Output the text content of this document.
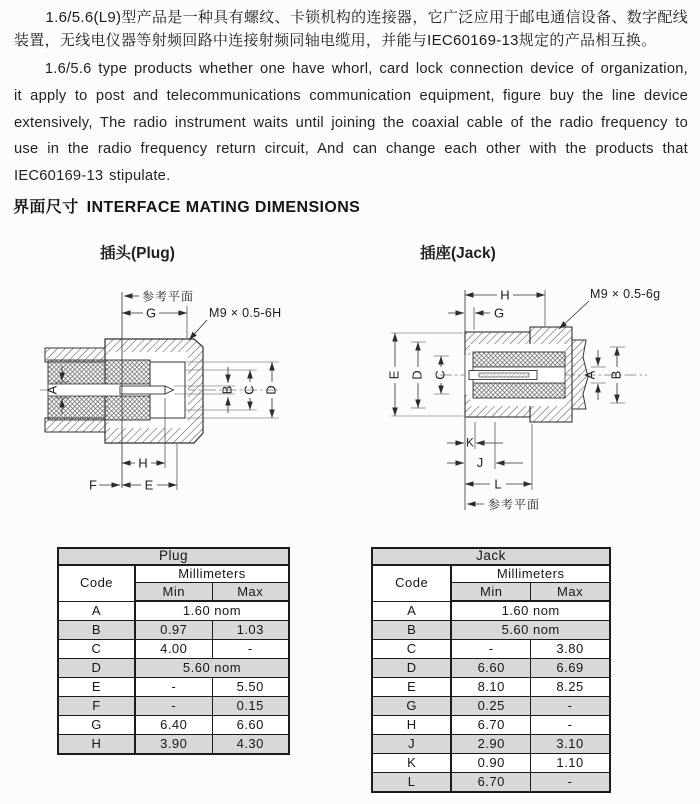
1.6/5.6(L9)型产品是一种具有螺纹、卡锁机构的连接器，它广泛应用于邮电通信设备、数字配线装置，无线电仪器等射频回路中连接射频同轴电缆用，并能与IEC60169-13规定的产品相互换。

1.6/5.6 type products whether one have whorl, card lock connection device of organization, it apply to post and telecommunications communication equipment, figure buy the line device extensively, The radio instrument waits until joining the coaxial cable of the radio frequency to use in the radio frequency return circuit, And can change each other with the products that IEC60169-13 stipulate.

界面尺寸 INTERFACE MATING DIMENSIONS
插头(Plug)	插座(Jack)
参考平面
G	M9 × 0.5-6H
A	B C D
H
E
F
H
G
M9 × 0.5-6g
E D C	A B
K
J
L
参考平面
Plug		
Code	Millimeters	
	Min	Max
A	1.60 nom	
B	0.97	1.03
C	4.00	-
D	5.60 nom	
E	-	5.50
F	-	0.15
G	6.40	6.60
H	3.90	4.30
Jack		
Code	Millimeters	
	Min	Max
A	1.60 nom	
B	5.60 nom	
C	-	3.80
D	6.60	6.69
E	8.10	8.25
G	0.25	-
H	6.70	-
J	2.90	3.10
K	0.90	1.10
L	6.70	-
